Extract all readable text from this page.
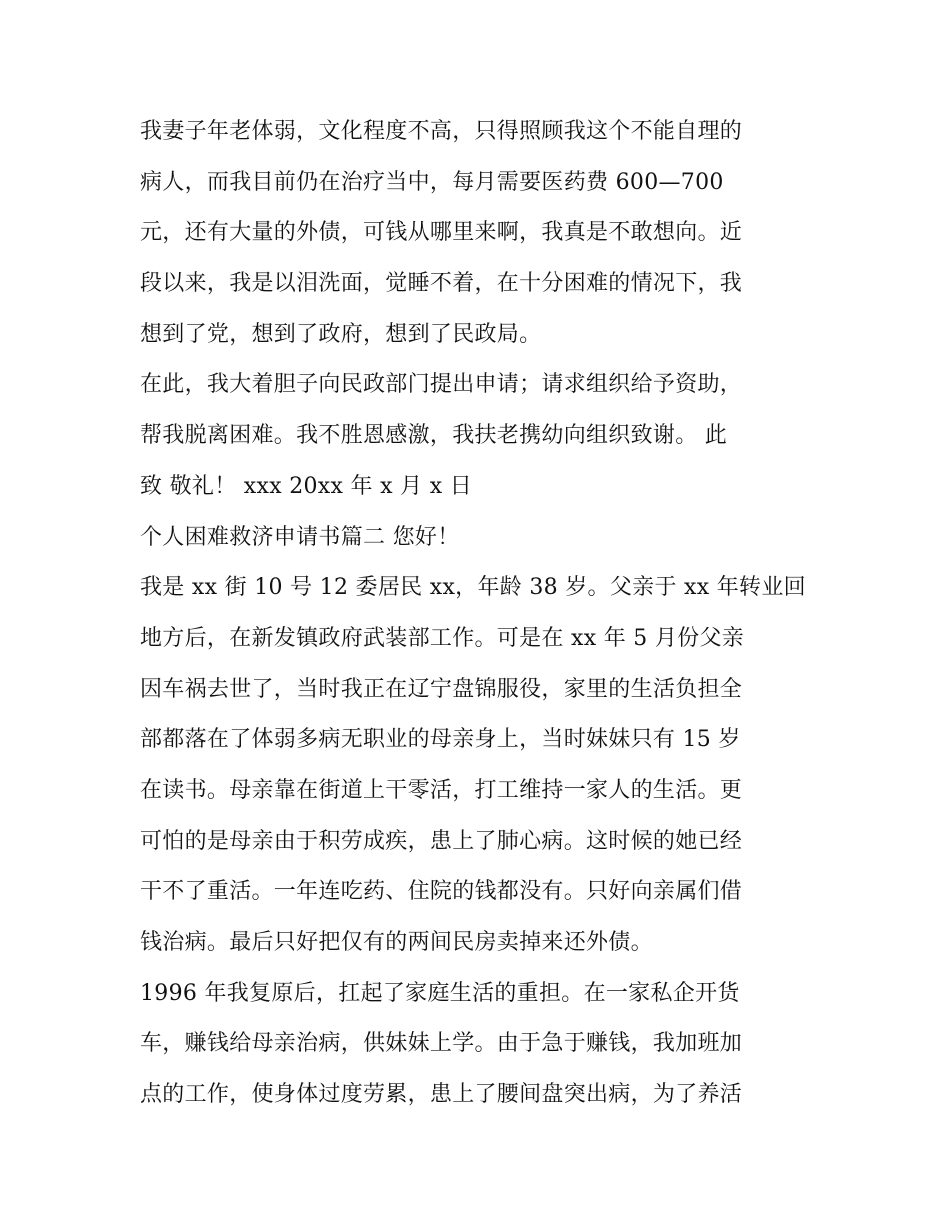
我妻子年老体弱，文化程度不高，只得照顾我这个不能自理的
病人，而我目前仍在治疗当中，每月需要医药费 600—700
元，还有大量的外债，可钱从哪里来啊，我真是不敢想向。近
段以来，我是以泪洗面，觉睡不着，在十分困难的情况下，我
想到了党，想到了政府，想到了民政局。
在此，我大着胆子向民政部门提出申请；请求组织给予资助，
帮我脱离困难。我不胜恩感激，我扶老携幼向组织致谢。 此
致 敬礼！ xxx 20xx 年 x 月 x 日
个人困难救济申请书篇二 您好！
我是 xx 街 10 号 12 委居民 xx，年龄 38 岁。父亲于 xx 年转业回
地方后，在新发镇政府武装部工作。可是在 xx 年 5 月份父亲
因车祸去世了，当时我正在辽宁盘锦服役，家里的生活负担全
部都落在了体弱多病无职业的母亲身上，当时妹妹只有 15 岁
在读书。母亲靠在街道上干零活，打工维持一家人的生活。更
可怕的是母亲由于积劳成疾，患上了肺心病。这时候的她已经
干不了重活。一年连吃药、住院的钱都没有。只好向亲属们借
钱治病。最后只好把仅有的两间民房卖掉来还外债。
1996 年我复原后，扛起了家庭生活的重担。在一家私企开货
车，赚钱给母亲治病，供妹妹上学。由于急于赚钱，我加班加
点的工作，使身体过度劳累，患上了腰间盘突出病，为了养活
